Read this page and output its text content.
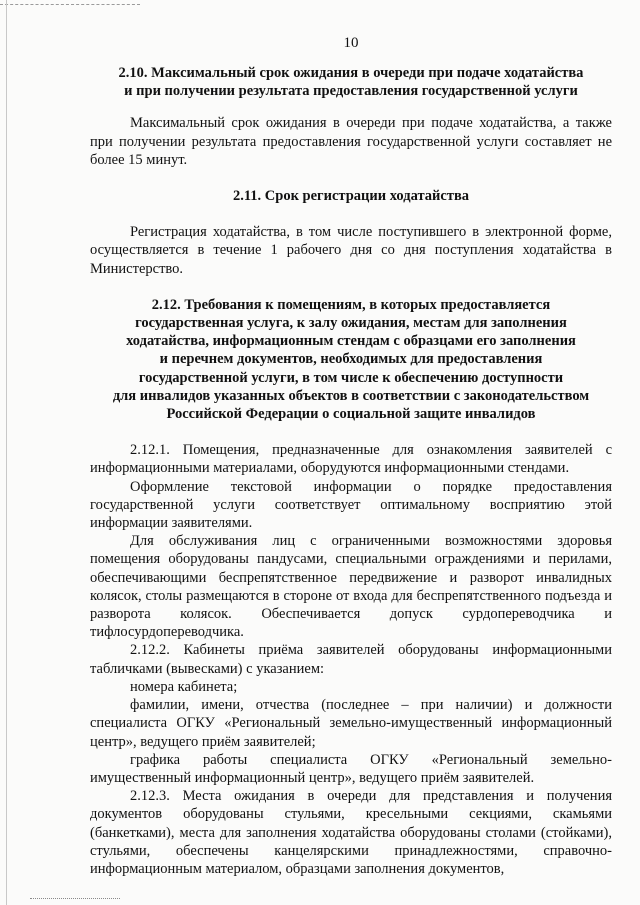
10
2.10. Максимальный срок ожидания в очереди при подаче ходатайства
и при получении результата предоставления государственной услуги

Максимальный срок ожидания в очереди при подаче ходатайства, а также при получении результата предоставления государственной услуги составляет не более 15 минут.

2.11. Срок регистрации ходатайства

Регистрация ходатайства, в том числе поступившего в электронной форме, осуществляется в течение 1 рабочего дня со дня поступления ходатайства в Министерство.

2.12. Требования к помещениям, в которых предоставляется
государственная услуга, к залу ожидания, местам для заполнения
ходатайства, информационным стендам с образцами его заполнения
и перечнем документов, необходимых для предоставления
государственной услуги, в том числе к обеспечению доступности
для инвалидов указанных объектов в соответствии с законодательством
Российской Федерации о социальной защите инвалидов

2.12.1. Помещения, предназначенные для ознакомления заявителей с информационными материалами, оборудуются информационными стендами.

Оформление текстовой информации о порядке предоставления государственной услуги соответствует оптимальному восприятию этой информации заявителями.

Для обслуживания лиц с ограниченными возможностями здоровья помещения оборудованы пандусами, специальными ограждениями и перилами, обеспечивающими беспрепятственное передвижение и разворот инвалидных колясок, столы размещаются в стороне от входа для беспрепятственного подъезда и разворота колясок. Обеспечивается допуск сурдопереводчика и тифлосурдопереводчика.

2.12.2. Кабинеты приёма заявителей оборудованы информационными табличками (вывесками) с указанием:

номера кабинета;

фамилии, имени, отчества (последнее – при наличии) и должности специалиста ОГКУ «Региональный земельно-имущественный информационный центр», ведущего приём заявителей;

графика работы специалиста ОГКУ «Региональный земельно-имущественный информационный центр», ведущего приём заявителей.

2.12.3. Места ожидания в очереди для представления и получения документов оборудованы стульями, кресельными секциями, скамьями (банкетками), места для заполнения ходатайства оборудованы столами (стойками), стульями, обеспечены канцелярскими принадлежностями, справочно-информационным материалом, образцами заполнения документов,
